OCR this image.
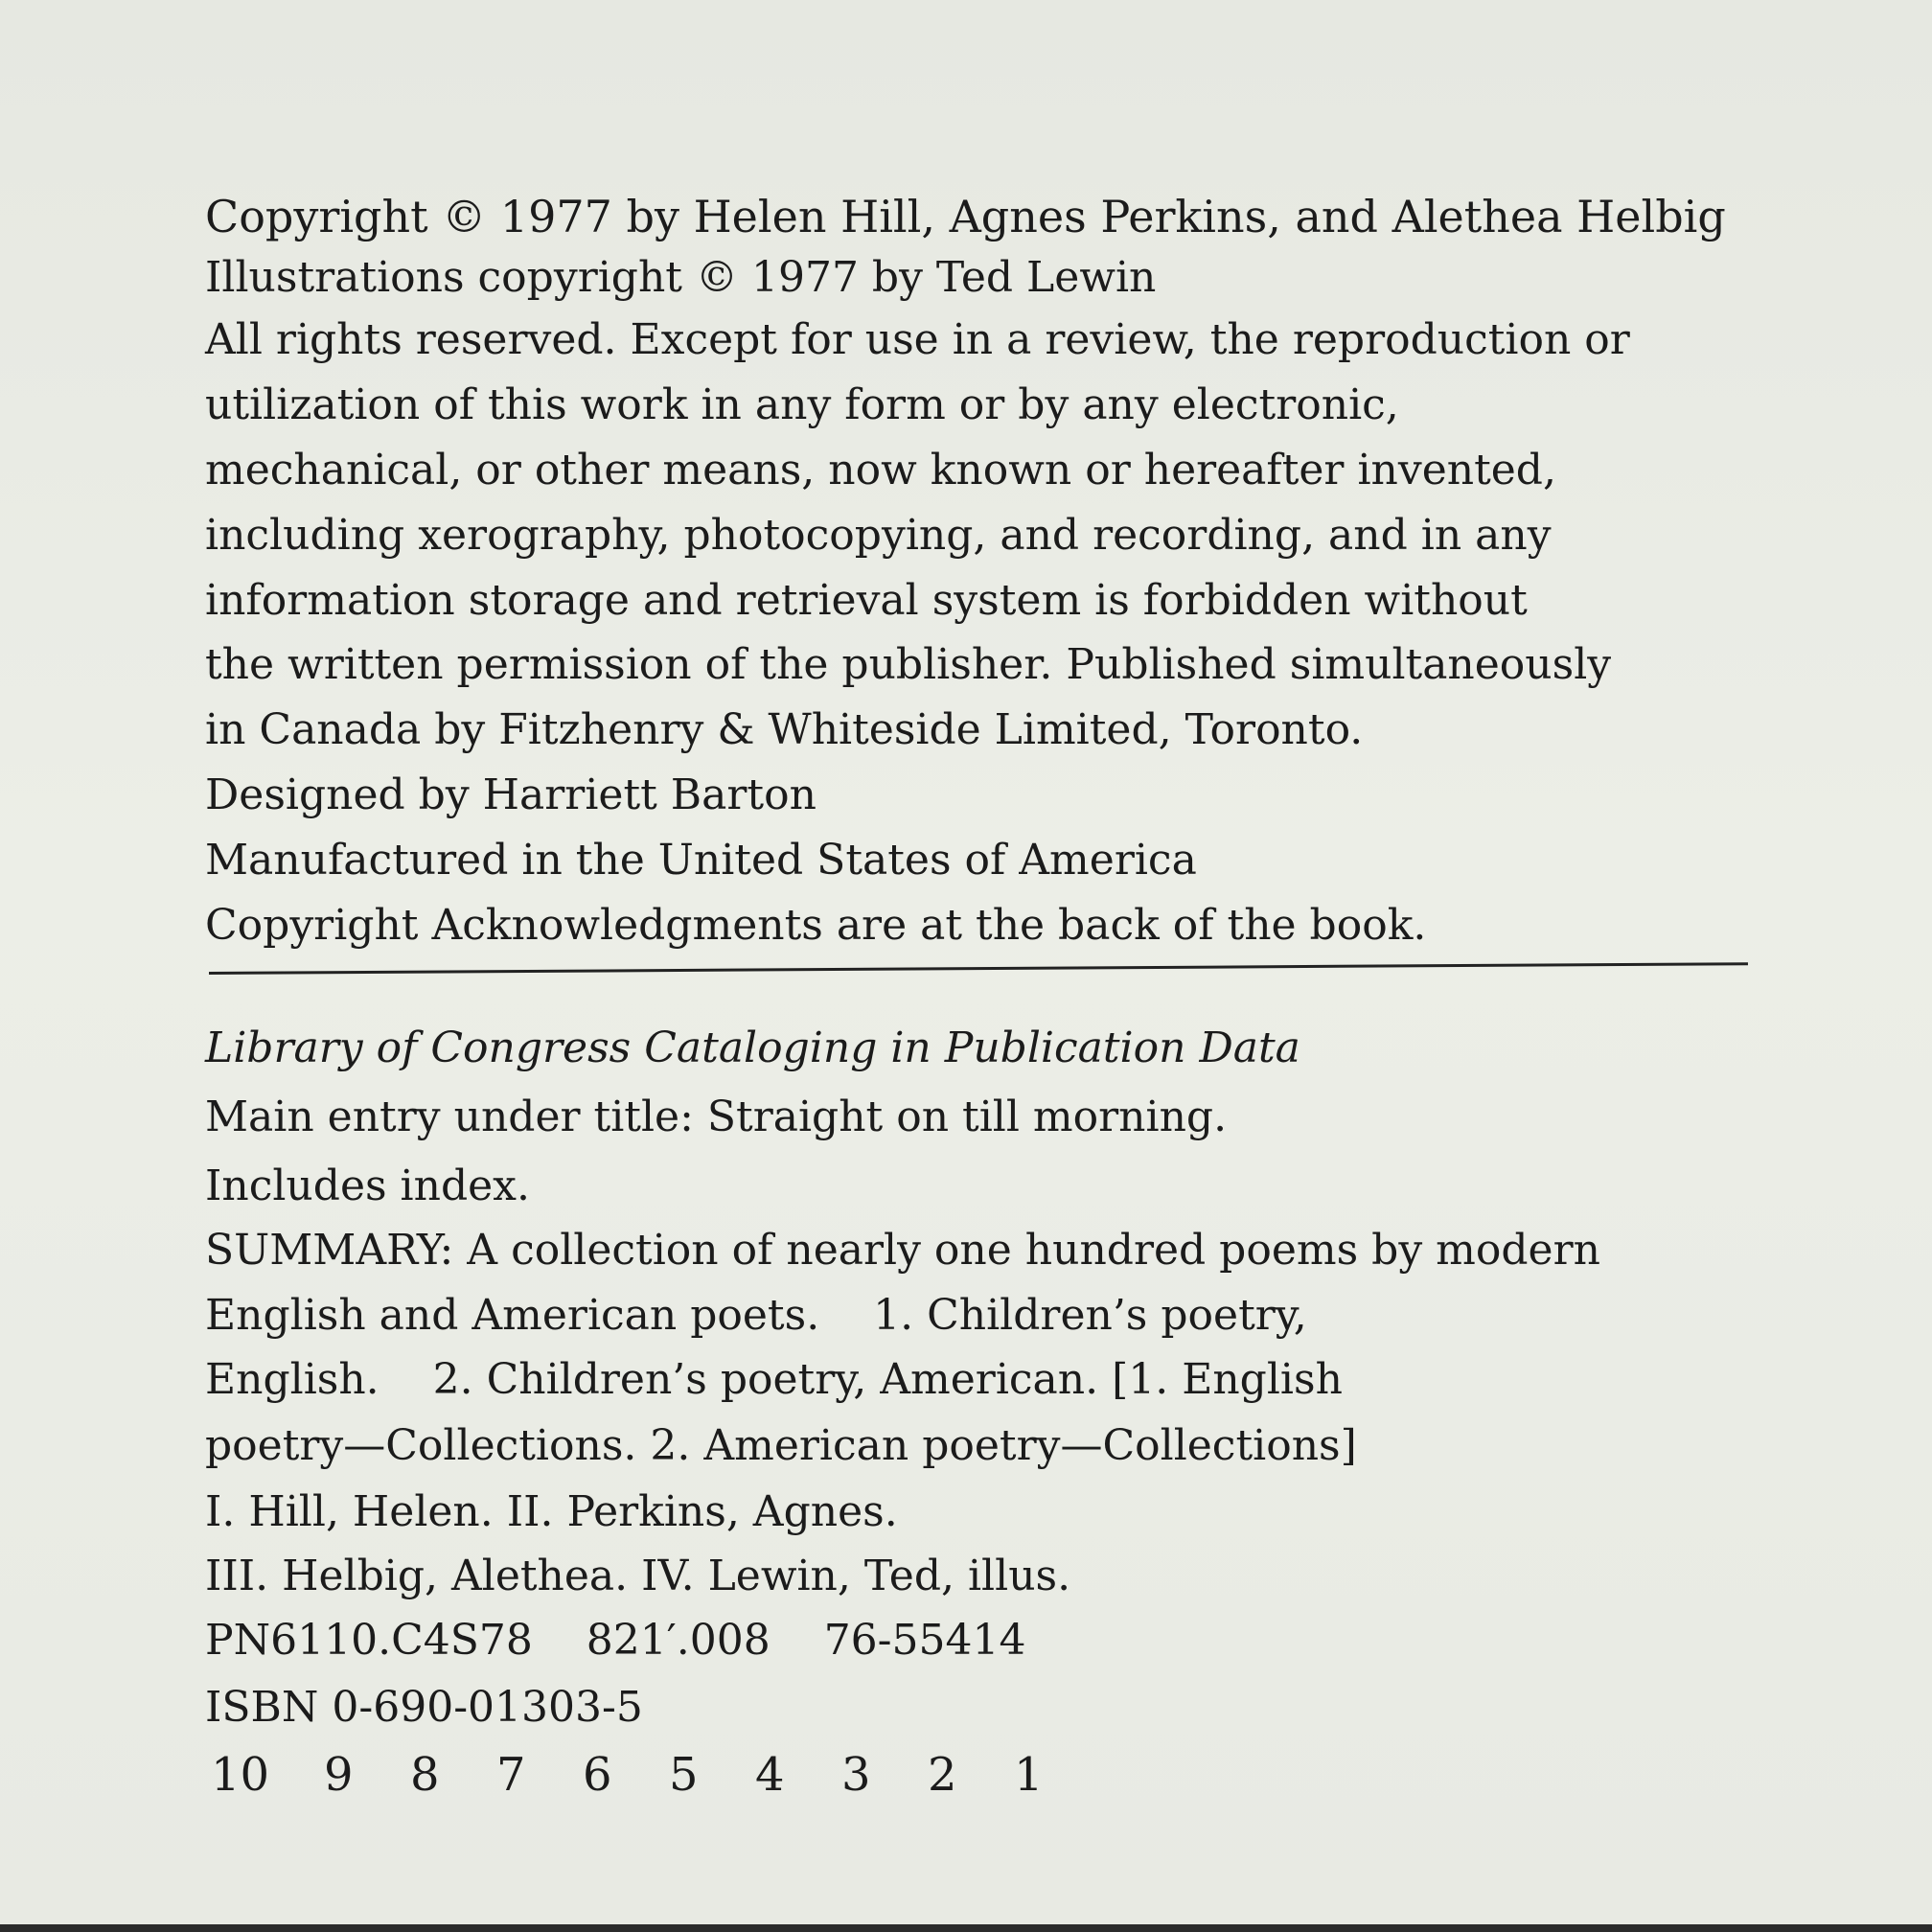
Copyright © 1977 by Helen Hill, Agnes Perkins, and Alethea Helbig
Illustrations copyright © 1977 by Ted Lewin
All rights reserved. Except for use in a review, the reproduction or
utilization of this work in any form or by any electronic,
mechanical, or other means, now known or hereafter invented,
including xerography, photocopying, and recording, and in any
information storage and retrieval system is forbidden without
the written permission of the publisher. Published simultaneously
in Canada by Fitzhenry & Whiteside Limited, Toronto.
Designed by Harriett Barton
Manufactured in the United States of America
Copyright Acknowledgments are at the back of the book.
Library of Congress Cataloging in Publication Data
Main entry under title: Straight on till morning.
Includes index.
SUMMARY: A collection of nearly one hundred poems by modern
English and American poets.    1. Children’s poetry,
English.    2. Children’s poetry, American. [1. English
poetry—Collections. 2. American poetry—Collections]
I. Hill, Helen. II. Perkins, Agnes.
III. Helbig, Alethea. IV. Lewin, Ted, illus.
PN6110.C4S78    821′.008    76-55414
ISBN 0-690-01303-5
10 9 8 7 6 5 4 3 2 1
